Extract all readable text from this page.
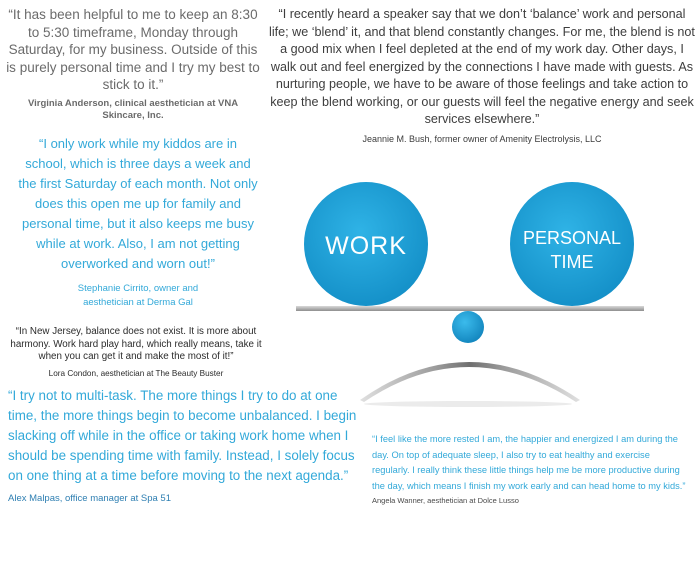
“It has been helpful to me to keep an 8:30 to 5:30 timeframe, Monday through Saturday, for my business. Outside of this is purely personal time and I try my best to stick to it.”

Virginia Anderson, clinical aesthetician at VNA Skincare, Inc.

“I recently heard a speaker say that we don’t ‘balance’ work and personal life; we ‘blend’ it, and that blend constantly changes. For me, the blend is not a good mix when I feel depleted at the end of my work day. Other days, I walk out and feel energized by the connections I have made with guests. As nurturing people, we have to be aware of those feelings and take action to keep the blend working, or our guests will feel the negative energy and seek services elsewhere.”

Jeannie M. Bush, former owner of Amenity Electrolysis, LLC

“I only work while my kiddos are in school, which is three days a week and the first Saturday of each month. Not only does this open me up for family and personal time, but it also keeps me busy while at work. Also, I am not getting overworked and worn out!”

Stephanie Cirrito, owner and
aesthetician at Derma Gal

“In New Jersey, balance does not exist. It is more about harmony. Work hard play hard, which really means, take it when you can get it and make the most of it!”

Lora Condon, aesthetician at The Beauty Buster

“I try not to multi-task. The more things I try to do at one time, the more things begin to become unbalanced. I begin slacking off while in the office or taking work home when I should be spending time with family. Instead, I solely focus on one thing at a time before moving to the next agenda.”

Alex Malpas, office manager at Spa 51

“I feel like the more rested I am, the happier and energized I am during the day. On top of adequate sleep, I also try to eat healthy and exercise regularly. I really think these little things help me be more productive during the day, which means I finish my work early and can head home to my kids.”

Angela Wanner, aesthetician at Dolce Lusso

WORK	PERSONAL
TIME
